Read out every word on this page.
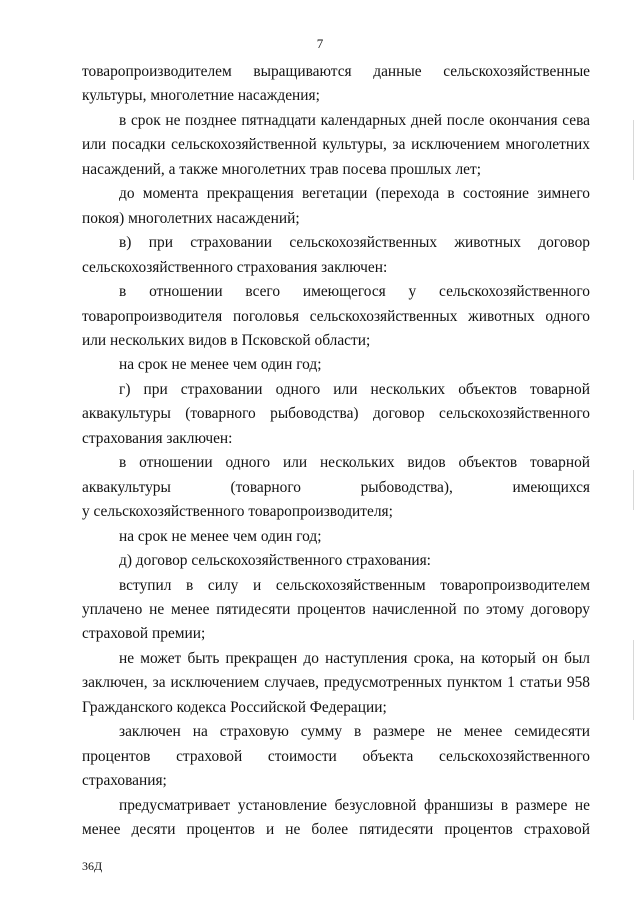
7

товаропроизводителем выращиваются данные сельскохозяйственные культуры, многолетние насаждения;

в срок не позднее пятнадцати календарных дней после окончания сева или посадки сельскохозяйственной культуры, за исключением многолетних насаждений, а также многолетних трав посева прошлых лет;

до момента прекращения вегетации (перехода в состояние зимнего покоя) многолетних насаждений;

в) при страховании сельскохозяйственных животных договор сельскохозяйственного страхования заключен:

в отношении всего имеющегося у сельскохозяйственного товаропроизводителя поголовья сельскохозяйственных животных одного или нескольких видов в Псковской области;

на срок не менее чем один год;

г) при страховании одного или нескольких объектов товарной аквакультуры (товарного рыбоводства) договор сельскохозяйственного страхования заключен:

в отношении одного или нескольких видов объектов товарной аквакультуры (товарного рыбоводства), имеющихся

у сельскохозяйственного товаропроизводителя;

на срок не менее чем один год;

д) договор сельскохозяйственного страхования:

вступил в силу и сельскохозяйственным товаропроизводителем уплачено не менее пятидесяти процентов начисленной по этому договору страховой премии;

не может быть прекращен до наступления срока, на который он был заключен, за исключением случаев, предусмотренных пунктом 1 статьи 958 Гражданского кодекса Российской Федерации;

заключен на страховую сумму в размере не менее семидесяти процентов страховой стоимости объекта сельскохозяйственного страхования;

предусматривает установление безусловной франшизы в размере не менее десяти процентов и не более пятидесяти процентов страховой

36Д
